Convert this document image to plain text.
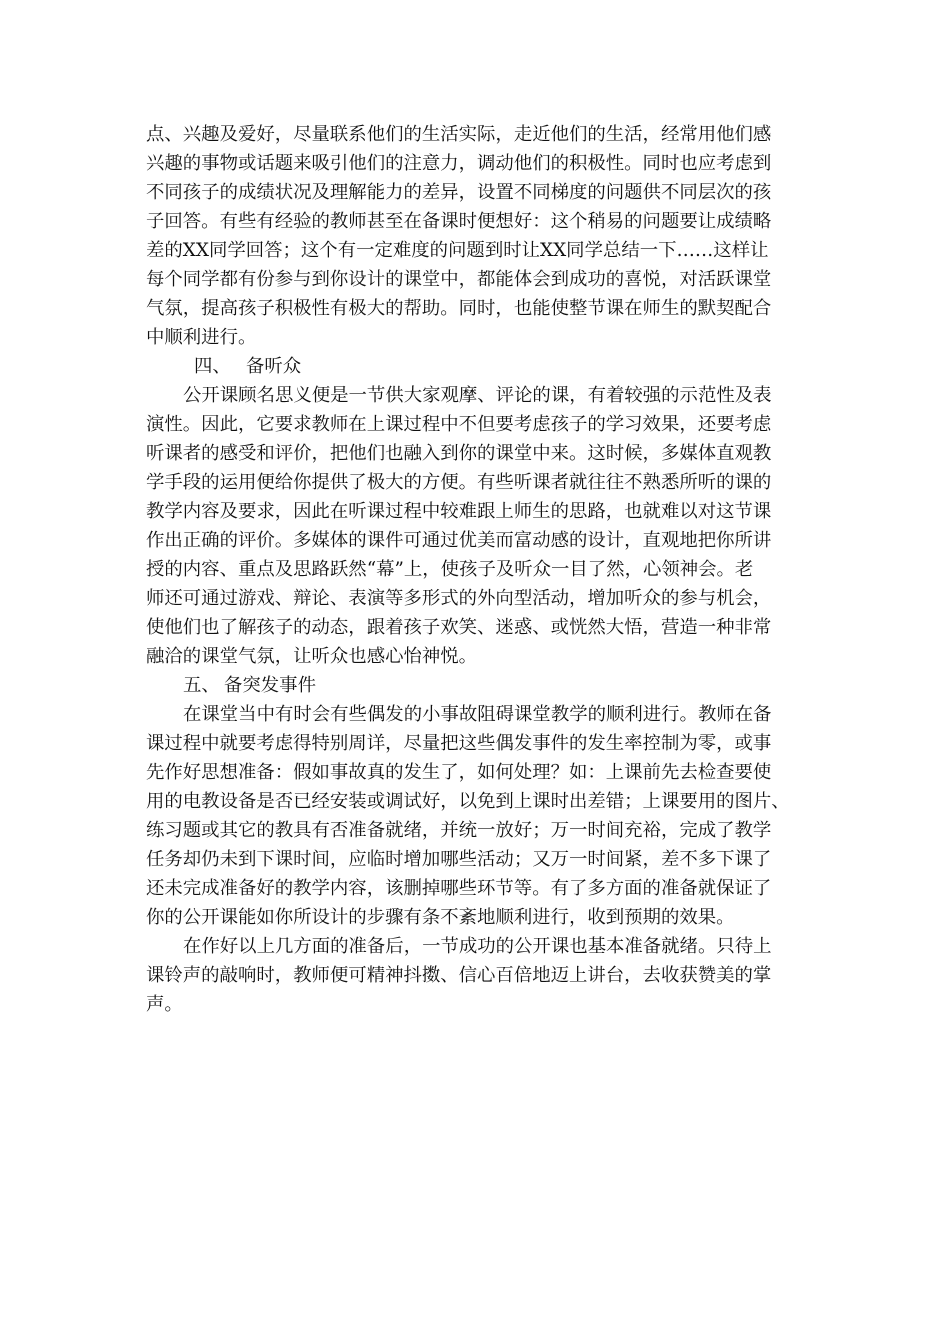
点、兴趣及爱好，尽量联系他们的生活实际，走近他们的生活，经常用他们感
兴趣的事物或话题来吸引他们的注意力，调动他们的积极性。同时也应考虑到
不同孩子的成绩状况及理解能力的差异，设置不同梯度的问题供不同层次的孩
子回答。有些有经验的教师甚至在备课时便想好：这个稍易的问题要让成绩略
差的XX同学回答；这个有一定难度的问题到时让XX同学总结一下……这样让
每个同学都有份参与到你设计的课堂中，都能体会到成功的喜悦，对活跃课堂
气氛，提高孩子积极性有极大的帮助。同时，也能使整节课在师生的默契配合
中顺利进行。
四、 备听众
公开课顾名思义便是一节供大家观摩、评论的课，有着较强的示范性及表
演性。因此，它要求教师在上课过程中不但要考虑孩子的学习效果，还要考虑
听课者的感受和评价，把他们也融入到你的课堂中来。这时候，多媒体直观教
学手段的运用便给你提供了极大的方便。有些听课者就往往不熟悉所听的课的
教学内容及要求，因此在听课过程中较难跟上师生的思路，也就难以对这节课
作出正确的评价。多媒体的课件可通过优美而富动感的设计，直观地把你所讲
授的内容、重点及思路跃然“幕”上，使孩子及听众一目了然，心领神会。老
师还可通过游戏、辩论、表演等多形式的外向型活动，增加听众的参与机会，
使他们也了解孩子的动态，跟着孩子欢笑、迷惑、或恍然大悟，营造一种非常
融洽的课堂气氛，让听众也感心怡神悦。
五、 备突发事件
在课堂当中有时会有些偶发的小事故阻碍课堂教学的顺利进行。教师在备
课过程中就要考虑得特别周详，尽量把这些偶发事件的发生率控制为零，或事
先作好思想准备：假如事故真的发生了，如何处理？如：上课前先去检查要使
用的电教设备是否已经安装或调试好，以免到上课时出差错；上课要用的图片、
练习题或其它的教具有否准备就绪，并统一放好；万一时间充裕，完成了教学
任务却仍未到下课时间，应临时增加哪些活动；又万一时间紧，差不多下课了
还未完成准备好的教学内容，该删掉哪些环节等。有了多方面的准备就保证了
你的公开课能如你所设计的步骤有条不紊地顺利进行，收到预期的效果。
在作好以上几方面的准备后，一节成功的公开课也基本准备就绪。只待上
课铃声的敲响时，教师便可精神抖擞、信心百倍地迈上讲台，去收获赞美的掌
声。
